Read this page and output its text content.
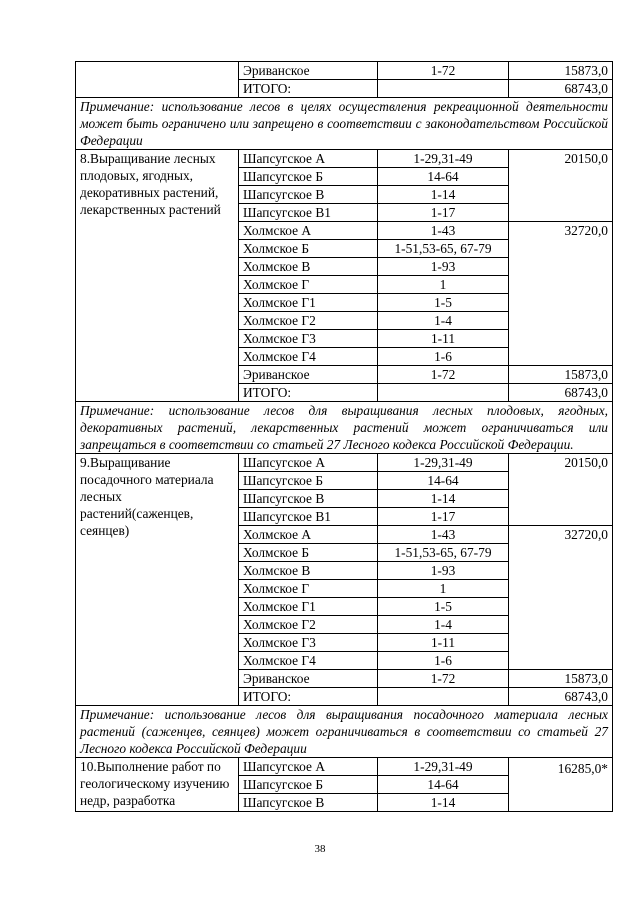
	Эриванское	1-72	15873,0
	ИТОГО:		68743,0
Примечание: использование лесов в целях осуществления рекреационной деятельности может быть ограничено или запрещено в соответствии с законодательством Российской Федерации			
8.Выращивание лесных плодовых, ягодных, декоративных растений, лекарственных растений	Шапсугское А	1-29,31-49	20150,0
	Шапсугское Б	14-64	
	Шапсугское В	1-14	
	Шапсугское В1	1-17	
	Холмское А	1-43	32720,0
	Холмское Б	1-51,53-65, 67-79	
	Холмское В	1-93	
	Холмское Г	1	
	Холмское Г1	1-5	
	Холмское Г2	1-4	
	Холмское Г3	1-11	
	Холмское Г4	1-6	
	Эриванское	1-72	15873,0
	ИТОГО:		68743,0
Примечание: использование лесов для выращивания лесных плодовых, ягодных, декоративных растений, лекарственных растений может ограничиваться или запрещаться в соответствии со статьей 27 Лесного кодекса Российской Федерации.			
9.Выращивание посадочного материала лесных растений(саженцев, сеянцев)	Шапсугское А	1-29,31-49	20150,0
	Шапсугское Б	14-64	
	Шапсугское В	1-14	
	Шапсугское В1	1-17	
	Холмское А	1-43	32720,0
	Холмское Б	1-51,53-65, 67-79	
	Холмское В	1-93	
	Холмское Г	1	
	Холмское Г1	1-5	
	Холмское Г2	1-4	
	Холмское Г3	1-11	
	Холмское Г4	1-6	
	Эриванское	1-72	15873,0
	ИТОГО:		68743,0
Примечание: использование лесов для выращивания посадочного материала лесных растений (саженцев, сеянцев) может ограничиваться в соответствии со статьей 27 Лесного кодекса Российской Федерации			
10.Выполнение работ по геологическому изучению недр, разработка	Шапсугское А	1-29,31-49	16285,0*
	Шапсугское Б	14-64	
	Шапсугское В	1-14	
38
